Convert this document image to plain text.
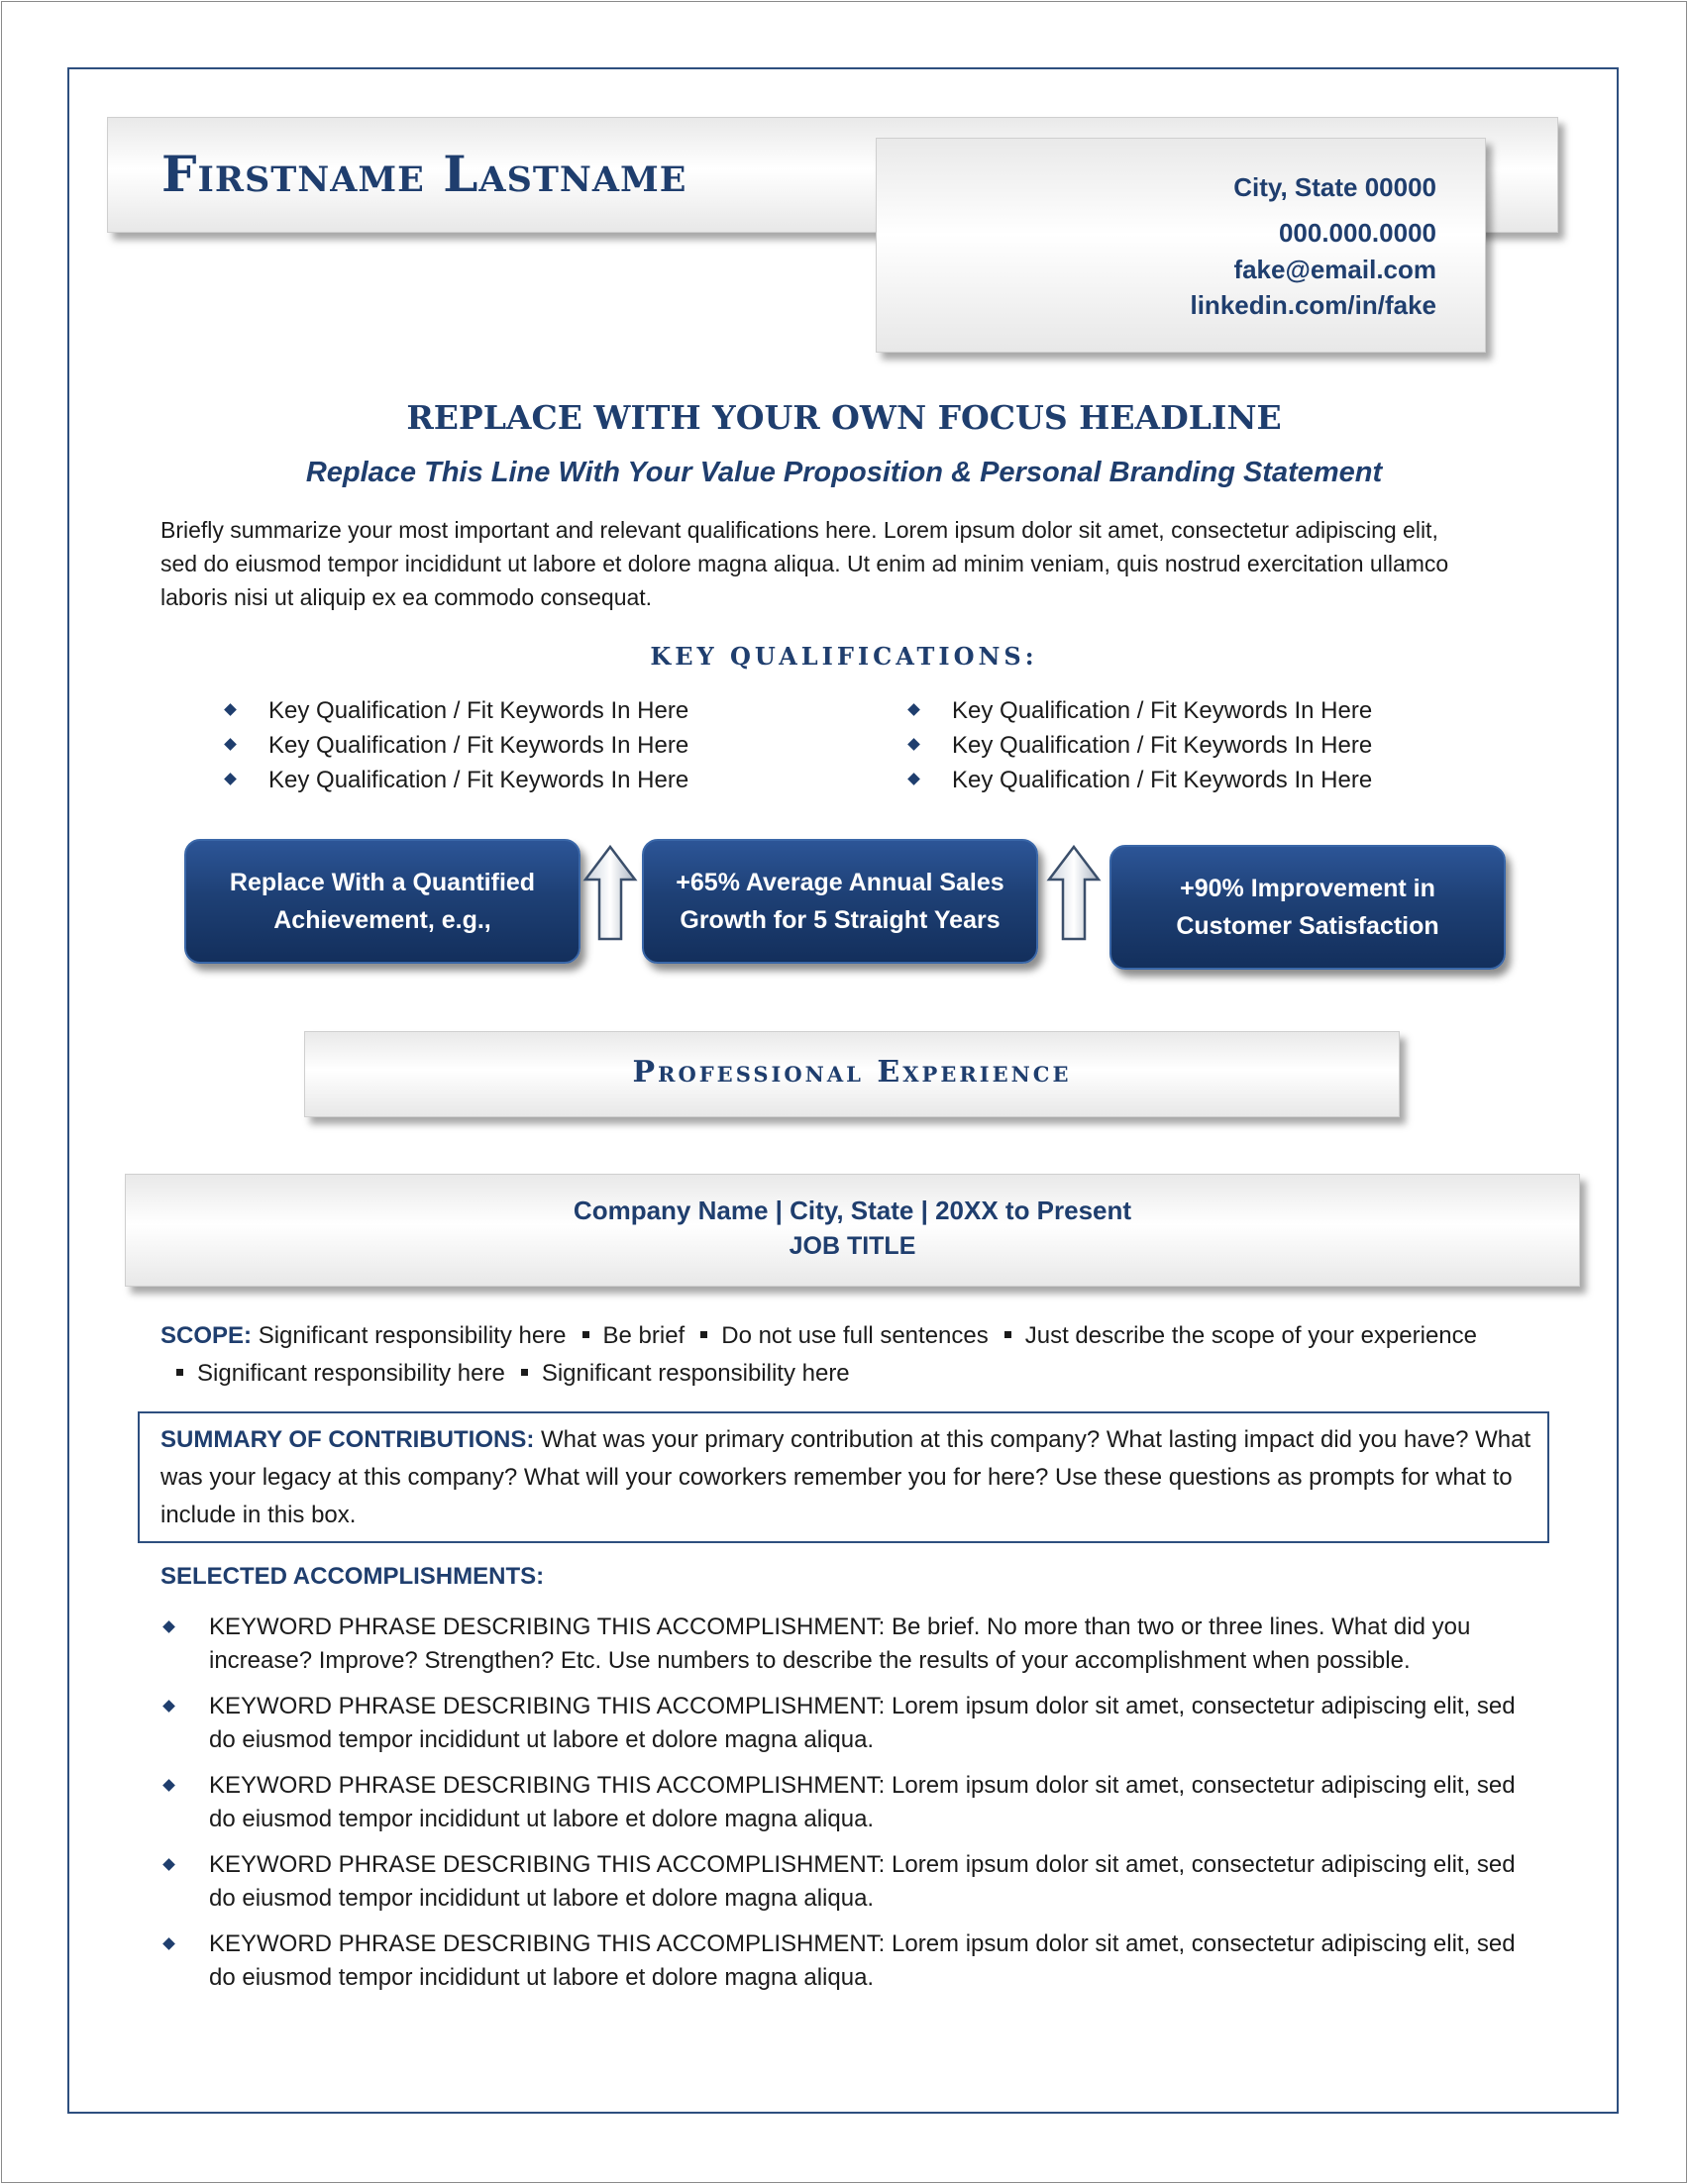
Firstname Lastname	City, State 00000
000.000.0000
fake@email.com
linkedin.com/in/fake
REPLACE WITH YOUR OWN FOCUS HEADLINE
Replace This Line With Your Value Proposition & Personal Branding Statement
Briefly summarize your most important and relevant qualifications here. Lorem ipsum dolor sit amet, consectetur adipiscing elit, sed do eiusmod tempor incididunt ut labore et dolore magna aliqua. Ut enim ad minim veniam, quis nostrud exercitation ullamco laboris nisi ut aliquip ex ea commodo consequat.
KEY QUALIFICATIONS:
Key Qualification / Fit Keywords In Here
Key Qualification / Fit Keywords In Here
Key Qualification / Fit Keywords In Here
Key Qualification / Fit Keywords In Here
Key Qualification / Fit Keywords In Here
Key Qualification / Fit Keywords In Here
Replace With a Quantified
Achievement, e.g.,
+65% Average Annual Sales
Growth for 5 Straight Years
+90% Improvement in
Customer Satisfaction
Professional Experience
Company Name | City, State | 20XX to Present
JOB TITLE
SCOPE: Significant responsibility here Be brief Do not use full sentences Just describe the scope of your experienceSignificant responsibility here Significant responsibility here
SUMMARY OF CONTRIBUTIONS: What was your primary contribution at this company? What lasting impact did you have? What was your legacy at this company? What will your coworkers remember you for here? Use these questions as prompts for what to include in this box.
SELECTED ACCOMPLISHMENTS:
KEYWORD PHRASE DESCRIBING THIS ACCOMPLISHMENT: Be brief. No more than two or three lines. What did you increase? Improve? Strengthen? Etc. Use numbers to describe the results of your accomplishment when possible.
KEYWORD PHRASE DESCRIBING THIS ACCOMPLISHMENT: Lorem ipsum dolor sit amet, consectetur adipiscing elit, sed do eiusmod tempor incididunt ut labore et dolore magna aliqua.
KEYWORD PHRASE DESCRIBING THIS ACCOMPLISHMENT: Lorem ipsum dolor sit amet, consectetur adipiscing elit, sed do eiusmod tempor incididunt ut labore et dolore magna aliqua.
KEYWORD PHRASE DESCRIBING THIS ACCOMPLISHMENT: Lorem ipsum dolor sit amet, consectetur adipiscing elit, sed do eiusmod tempor incididunt ut labore et dolore magna aliqua.
KEYWORD PHRASE DESCRIBING THIS ACCOMPLISHMENT: Lorem ipsum dolor sit amet, consectetur adipiscing elit, sed do eiusmod tempor incididunt ut labore et dolore magna aliqua.
